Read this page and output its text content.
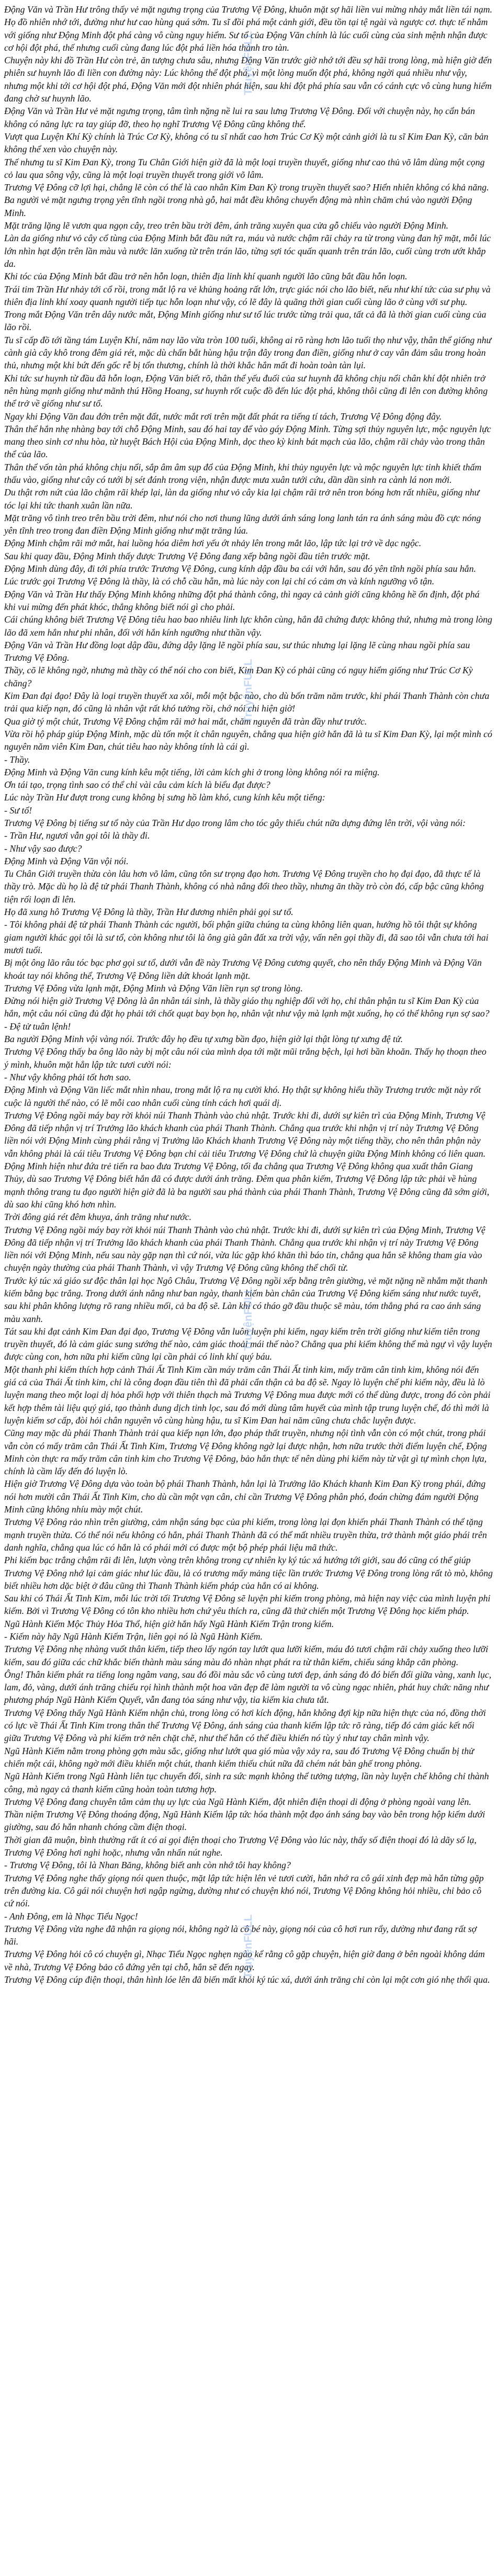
Động Văn và Trần Hư trông thấy vẻ mặt ngưng trọng của Trương Vệ Đông, khuôn mặt sợ hãi liền vui mừng nhảy mắt liền tái nạm. Họ đồ nhiên nhớ tới, đường như hư cao hùng quá sớm. Tu sĩ đồi phá một cảnh giới, đều tồn tại tệ ngài và ngược cơ. thực tế nhắm với giống như Động Minh đột phá càng vô cùng nguy hiểm. Sư tổ của Động Văn chính là lúc cuối cùng của sinh mệnh nhận được cơ hội đột phá, thế nhưng cuối cùng đang lúc đột phá liền hóa thành tro tàn.

Chuyện này khi đồ Trần Hư còn trẻ, ăn tượng chưa sâu, nhưng Động Văn trước giờ nhớ tới đều sợ hãi trong lòng, mà hiện giờ đến phiên sư huynh lão đi liền con đường này: Lúc không thể đột phá, vì một lòng muốn đột phá, không ngời quá nhiều như vậy, nhưng một khi tới cơ hội đột phá, Động Văn mới đột nhiên phát hiện, sau khi đột phá phía sau vẫn có cánh cực vô cùng hung hiểm đang chờ sư huynh lão.

Động Văn và Trần Hư vẻ mặt ngưng trọng, tâm tình nặng nề lui ra sau lưng Trương Vệ Đông. Đổi với chuyện này, họ cẩn bán không có năng lực ra tay giúp đỡ, theo họ nghĩ Trương Vệ Đông cũng không thể.

Vượt qua Luyện Khí Kỳ chính là Trúc Cơ Kỳ, không có tu sĩ nhất cao hơn Trúc Cơ Kỳ một cảnh giới là tu sĩ Kim Đan Kỳ, căn bản không thể xen vào chuyện này.

Thế nhưng tu sĩ Kim Đan Kỳ, trong Tu Chân Giới hiện giờ đã là một loại truyền thuyết, giống như cao thủ võ lâm dùng một cọng cỏ lau qua sông vậy, cũng là một loại truyền thuyết trong giới võ lâm.

Trương Vệ Đông cỡ lợi hại, chẳng lẽ còn có thể là cao nhân Kim Đan Kỳ trong truyền thuyết sao? Hiển nhiên không có khả năng.

Ba người vẻ mặt ngưng trọng yên tĩnh ngồi trong nhà gỗ, hai mắt đều không chuyển động mà nhìn chăm chú vào người Động Minh.

Mặt trăng lặng lẽ vươn qua ngọn cây, treo trên bầu trời đêm, ánh trăng xuyên qua cửa gỗ chiếu vào người Động Minh.

Làn da giống như vỏ cây cổ tùng của Động Minh bắt đầu nứt ra, máu và nước chậm rãi chảy ra từ trong vùng đan hỹ mặt, mỗi lúc lớn nhìn hạt độn trên lần màu và nước lăn xuống từ trên trán lão, từng sợi tóc quấn quanh trên trán lão, cuối cùng trơn ướt khắp da.

Khi tóc của Động Minh bắt đầu trở nên hỗn loạn, thiên địa linh khí quanh người lão cũng bắt đầu hỗn loạn.

Trái tim Trần Hư nhảy tới cổ rồi, trong mắt lộ ra vẻ khủng hoảng rất lớn, trực giác nói cho lão biết, nếu như khí tức của sư phụ và thiên địa linh khí xoay quanh người tiếp tục hỗn loạn như vậy, có lẽ đây là quãng thời gian cuối cùng lão ở cùng với sư phụ.

Trong mắt Động Văn trên dây nước mắt, Động Minh giống như sư tổ lúc trước từng trải qua, tất cả đã là thời gian cuối cùng của lão rồi.

Tu sĩ cấp đồ tới tầng tám Luyện Khí, năm nay lão vừa tròn 100 tuổi, không ai rõ ràng hơn lão tuổi thọ như vậy, thân thể giống như cành già cây khô trong đêm giá rét, mặc dù chấn bắt hùng hậu trận đây trong đan điền, giống như ở cay vân đảm sâu trong hoàn thủ, nhưng một khi bứt đến gốc rễ bị tổn thương, chính là thời khắc hắn mất đi hoàn toàn tàn lụi.

Khi tức sư huynh từ đầu đã hỗn loạn, Động Văn biết rõ, thân thể yếu đuối của sư huynh đã không chịu nổi chân khí đột nhiên trở nên hùng mạnh giống như mãnh thú Hồng Hoang, sư huynh rốt cuộc đồ đến lúc đột phá, không thôi cũng đi lên con đường không thể trở về giống như sư tổ.

Ngay khi Động Văn đau đớn trên mặt đất, nước mắt rơi trên mặt đất phát ra tiếng tí tách, Trương Vệ Đông động đây.

Thân thể hắn nhẹ nhàng bay tới chỗ Động Minh, sau đó hai tay để vào gáy Động Minh. Từng sợi thủy nguyên lực, mộc nguyên lực mang theo sinh cơ nhu hòa, từ huyệt Bách Hội của Động Minh, dọc theo kỳ kinh bát mạch của lão, chậm rãi chảy vào trong thân thể của lão.

Thân thể vốn tàn phá không chịu nổi, sắp âm âm sụp đổ của Động Minh, khi thủy nguyên lực và mộc nguyên lực tinh khiết thấm thấu vào, giống như cây có tưới bị sét đánh trong viện, nhận được mưa xuân tưới cứu, dần dần sinh ra cành lá non mới.

Du thật rơn nứt của lão chậm rãi khép lại, làn da giống như vỏ cây kia lại chậm rãi trở nên tron bóng hơn rất nhiều, giống như tóc lại khi tức thanh xuân lần nữa.

Mặt trăng vô tình treo trên bầu trời đêm, như nói cho nơi thung lũng dưới ánh sáng long lanh tán ra ánh sáng màu đồ cực nóng yên tĩnh treo trong đan điền Động Minh giống như mặt trăng lúa.

Động Minh chậm rãi mở mắt, hai luồng hóa diêm hơi yếu ớt nhảy lên trong mắt lão, lập tức lại trở về dạc ngộc.

Sau khi quay đầu, Động Minh thấy được Trương Vệ Đông đang xếp bằng ngồi đầu tiên trước mặt.

Động Minh dùng đây, đi tới phía trước Trương Vệ Đông, cung kính dập đầu ba cái với hắn, sau đó yên tĩnh ngồi phía sau hắn.

Lúc trước gọi Trương Vệ Đông là thầy, là có chỗ cầu hẵn, mà lúc này con lại chỉ có cảm ơn và kính ngưỡng vô tận.

Động Văn và Trần Hư thấy Động Minh không những đột phá thành công, thì ngay cả cảnh giới cũng không hề ổn định, đột phá khi vui mừng đến phát khóc, thẳng không biết nói gì cho phải.

Cái chúng không biết Trương Vệ Đông tiêu hao bao nhiêu linh lực khôn cùng, hẳn đã chứng được không thứ, nhưng mà trong lòng lão đã xem hắn như phi nhân, đối với hắn kính ngưỡng như thần vậy.

Động Văn và Trần Hư đồng loạt dập đầu, đứng dậy lặng lẽ ngồi phía sau, sư thúc nhưng lại lặng lẽ cùng nhau ngồi phía sau Trương Vệ Đông.

Thầy, cõ lẽ không ngờ, nhưng mà thầy có thể nói cho con biết, Kim Đan Kỳ có phải cũng có nguy hiểm giống như Trúc Cơ Kỳ chăng?

Kim Đan đại đạo! Đây là loại truyền thuyết xa xôi, mỗi một bậc nào, cho dù bốn trăm năm trước, khi phái Thanh Thành còn chưa trải qua kiếp nạn, đó cũng là nhân vật rất khó tưởng rồi, chớ nói chi hiện giờ!

Qua giờ tý một chút, Trương Vệ Đông chậm rãi mở hai mắt, chăm nguyên đã tràn đầy như trước.

Vừa rồi hộ pháp giúp Động Minh, mặc dù tốn một ít chân nguyên, chẳng qua hiện giờ hắn đã là tu sĩ Kim Đan Kỳ, lại một mình có nguyên năm viên Kim Đan, chút tiêu hao này không tính là cái gì.

- Thầy.

Động Minh và Động Văn cung kính kêu một tiếng, lời cảm kích ghi ở trong lòng không nói ra miệng.

Ơn tái tạo, trọng tình sao có thể chỉ vài câu cảm kích là biểu đạt được?

Lúc này Trần Hư đượt trong cung không bị sưng hồ làm khó, cung kính kêu một tiếng:

- Sư tổ!

Trương Vệ Đông bị tiếng sư tổ này của Trần Hư dạo trong lâm cho tóc gây thiếu chút nữa dựng đứng lên trời, vội vàng nói:

- Trần Hư, ngươi vẫn gọi tôi là thầy đi.

- Như vậy sao được?

Động Minh và Động Văn vội nói.

Tu Chân Giới truyền thừa còn lâu hơn võ lâm, cũng tôn sư trọng đạo hơn. Trương Vệ Đông truyền cho họ đại đạo, đã thực tế là thầy trò. Mặc dù họ là đệ tử phái Thanh Thành, không có nhà nắng đổi theo thầy, nhưng ăn thầy trò còn đó, cấp bậc cũng không tiện rối loạn đi lên.

Họ đã xung hô Trương Vệ Đông là thầy, Trần Hư đương nhiên phải gọi sư tổ.

- Tôi không phải đệ tử phái Thanh Thành các người, bối phận giữa chúng ta cùng không liên quan, hướng hồ tôi thật sự không giam người khác gọi tôi là sư tổ, còn không như tôi là ông già gân đất xa trời vậy, vấn nên gọi thầy đi, đã sao tôi vẫn chưa tới hai mươi tuổi.

Bị một ông lão râu tóc bạc phơ gọi sư tổ, dưới vẫn đề này Trương Vệ Đông cương quyết, cho nên thấy Động Minh và Động Văn khoát tay nói không thể, Trương Vệ Đông liền dứt khoát lạnh mặt.

Trương Vệ Đông vừa lạnh mặt, Động Minh và Động Văn liền rụn sợ trong lòng.

Đừng nói hiện giờ Trương Vệ Đông là ân nhân tái sinh, là thầy giáo thụ nghiệp đối với họ, chỉ thân phận tu sĩ Kim Đan Kỳ của hắn, một câu nói cũng đủ đặt họ phải tới chốt quạt bay bọn họ, nhân vật như vậy mà lạnh mặt xuống, họ có thể không rụn sợ sao?

- Đệ tử tuân lệnh!

Ba người Động Minh vội vàng nói. Trước đây họ đều tự xưng bần đạo, hiện giờ lại thật lòng tự xưng đệ tử.

Trương Vệ Đông thấy ba ông lão này bị một câu nói của mình dọa tới mặt mũi trắng bệch, lại hơi bần khoăn. Thấy họ thoạn theo ý mình, khuôn mặt hẳn lập tức tươi cười nói:

- Như vậy không phải tốt hơn sao.

Động Minh và Động Văn liếc mắt nhìn nhau, trong mắt lộ ra nụ cười khó. Họ thật sự không hiểu thầy Trương trước mặt này rốt cuộc là người thế nào, có lẽ mỗi cao nhân cuối cùng tính cách hơi quái dị.

Trương Vệ Đông ngồi máy bay rời khỏi núi Thanh Thành vào chủ nhật. Trước khi đi, dưới sự kiên trì của Động Minh, Trương Vệ Đông đã tiếp nhận vị trí Trưởng lão khách khanh của phái Thanh Thành. Chẳng qua trước khi nhận vị trí này Trương Vệ Đông liền nói với Động Minh cùng phái rằng vị Trưởng lão Khách khanh Trương Vệ Đông này một tiếng thầy, cho nên thân phận này vẫn không phải là cái tiêu Trương Vệ Đông bạn chỉ cải tiêu Trương Vệ Đông chứ là chuyện giữa Động Minh không có liên quan. Động Minh hiện như đứa trẻ tiến ra bao đưa Trương Vệ Đông, tối đa chẳng qua Trương Vệ Đông không qua xuất thân Giang Thủy, dù sao Trương Vệ Đông biết hắn đã có được dưới ánh trăng. Đêm qua phân kiếm, Trương Vệ Đông lập tức phải về hùng mạnh thông trang tu đạo người hiện giờ đã là ba người sau phá thành của phái Thanh Thành, Trương Vệ Đông cũng đã sớm giới, dù sao khi cũng khó hơn nhìn.

Trời đông giá rét đêm khuya, ánh trăng như nước.

Trương Vệ Đông ngồi máy bay rời khỏi núi Thanh Thành vào chủ nhật. Trước khi đi, dưới sự kiên trì của Động Minh, Trương Vệ Đông đã tiếp nhận vị trí Trưởng lão khách khanh của phái Thanh Thành. Chẳng qua trước khi nhận vị trí này Trương Vệ Đông liền nói với Động Minh, nếu sau này gặp nạn thì cứ nói, vừa lúc gặp khó khăn thì báo tin, chẳng qua hắn sẽ không tham gia vào chuyện ngày thường của phái Thanh Thành, vì vậy Trương Vệ Đông cũng không thể chối từ.

Trước ký túc xá giáo sư độc thân lại học Ngô Châu, Trương Vệ Đông ngồi xếp bằng trên giường, vẻ mặt nặng nề nhắm mặt thanh kiếm bằng bạc trắng. Trong dưới ánh nắng như ban ngày, thanh kiếm bàn chân của Trương Vệ Đông kiếm sáng như nước tuyết, sau khi phân không lượng rõ rang nhiều mối, cả ba độ sẽ. Làn khí có tháo gỡ đầu thuộc sẽ màu, tóm thẳng phá ra cao ánh sáng màu xanh.

Tát sau khi đạt cảnh Kim Đan đại đạo, Trương Vệ Đông vẫn luôn luyện phi kiếm, ngay kiếm trên trời giống như kiếm tiên trong truyền thuyết, đó là cảm giác sung sướng thế nào, cảm giác thoải mái thế nào? Chẳng qua phi kiếm không thể mà ngự vì vậy luyện được cùng con, hơn nữa phi kiếm cũng lại cần phải có linh khí quý báu.

Một thanh phi kiếm thích hợp cảnh Thái Ất Tinh Kim cần máy trăm cân Thái Ất tinh kim, mấy trăm cân tinh kim, không nói đến giá cả của Thái Ất tinh kim, chỉ là công đoạn đầu tiên thì đã phải cẩn thận cả ba độ sẽ. Ngay lò luyện chế phi kiếm này, đều là lò luyện mang theo một loại dị hỏa phối hợp với thiên thạch mà Trương Vệ Đông mua được mới có thể dùng được, trong đó còn phải kết hợp thêm tài liệu quý giá, tạo thành dung dịch tinh lọc, sau đó mới dùng tâm huyết của mình tập trung luyện chế, đó thì mới là luyện kiếm sơ cấp, đòi hỏi chân nguyên vô cùng hùng hậu, tu sĩ Kim Đan hai năm cũng chưa chắc luyện được.

Cũng may mặc dù phái Thanh Thành trải qua kiếp nạn lớn, đạo pháp thất truyền, nhưng nội tình vẫn còn có một chút, trong phái vẫn còn có mấy trăm cân Thái Ất Tinh Kim, Trương Vệ Đông không ngờ lại được nhận, hơn nữa trước thời điểm luyện chế, Động Minh còn thực ra mấy trăm cân tinh kim cho Trương Vệ Đông, bảo hắn thực tế nên dùng phi kiếm này từ vật gì tự mình chọn lựa, chính là cầm lấy đến đó luyện lò.

Hiện giờ Trương Vệ Đông dựa vào toàn bộ phái Thanh Thành, hẳn lại là Trưởng lão Khách khanh Kim Đan Kỳ trong phái, đứng nói hơn mười cân Thái Ất Tinh Kim, cho dù cần một vạn cân, chỉ cần Trương Vệ Đông phân phó, đoán chừng đám người Động Minh cũng không nhíu mày một chút.

Trương Vệ Đông rảo nhìn trên giường, cảm nhận sáng bạc của phi kiếm, trong lòng lại đọn khiến phái Thanh Thành có thể tặng mạnh truyền thừa. Có thể nói nếu không có hắn, phái Thanh Thành đã có thể mất nhiều truyền thừa, trở thành một giáo phái trên danh nghĩa, chẳng qua lúc có hắn là có phái mới có được một bộ phép phái liệu mã thức.

Phi kiếm bạc trắng chậm rãi đi lên, lượn vòng trên không trong cự nhiên ky ký túc xá hướng tới giới, sau đó cũng có thể giúp Trương Vệ Đông nhớ lại cảm giác như lúc đầu, là có trương mấy mảng tiệc lần trước Trương Vệ Đông trong lòng rất tò mò, không biết nhiều hơn dặc biệt ở đâu cũng thì Thanh Thành kiếm pháp của hắn có ai không.

Sau khi có Thái Ất Tinh Kim, mỗi lúc trời tối Trương Vệ Đông sẽ luyện phi kiếm trong phòng, mà hiện nay việc của mình luyện phi kiếm. Bởi vì Trương Vệ Đông có tôn kho nhiều hơn chứ yêu thích ra, cũng đã thử chiến một Trương Vệ Đông học kiếm pháp.

Ngũ Hành Kiếm Mộc Thủy Hỏa Thổ, hiện giờ hắn hấy Ngũ Hành Kiếm Trận trong kiếm.

- Kiếm này hãy Ngũ Hành Kiếm Trận, liên gọi nó là Ngũ Hành Kiếm.

Trương Vệ Đông nhẹ nhàng vuốt thân kiếm, tiếp theo lấy ngón tay lướt qua lưỡi kiếm, máu đỏ tươi chậm rãi chảy xuống theo lưỡi kiếm, sau đó giữa các chữ khắc biến thành màu sáng màu đỏ nhàn nhạt phát ra từ thân kiếm, chiếu sáng khắp căn phòng.

Ông! Thân kiếm phát ra tiếng long ngâm vang, sau đó đồi màu sắc vô cùng tươi đẹp, ánh sáng đỏ đó biến đổi giữa vàng, xanh lục, lam, đỏ, vàng, dưới ánh trăng chiếu rọi hình thành một hoa văn đẹp đẽ làm người ta vô cùng ngạc nhiên, phát huy chức năng như phương pháp Ngũ Hành Kiếm Quyết, vẫn đang tỏa sáng như vậy, tia kiếm kia chưa tắt.

Trương Vệ Đông thấy Ngũ Hành Kiếm nhận chủ, trong lòng có hơi kích động, hắn không đợi kịp nữa hiện thực của nó, đồng thời có lực về Thái Ất Tinh Kim trong thân thể Trương Vệ Đông, ánh sáng của thanh kiếm lập tức rõ ràng, tiếp đó cảm giác kết nối giữa Trương Vệ Đông và phi kiếm trở nên chặt chẽ, như thể hắn có thể điều khiển nó tùy ý như tay chân mình vậy.

Ngũ Hành Kiếm nằm trong phòng gợn màu sắc, giống như lướt qua gió mùa vậy xảy ra, sau đó Trương Vệ Đông chuẩn bị thử chiến một cái, không ngờ mới điều khiển một chút, thanh kiếm thiếu chút nữa đã chém nát bàn ghế trong phòng.

Ngũ Hành Kiếm trong Ngũ Hành liên tục chuyển đổi, sinh ra sức mạnh không thể tưởng tượng, lần này luyện chế không chỉ thành công, mà ngay cả thanh kiếm cũng hoàn toàn tương hợp.

Trương Vệ Đông đang chuyên tâm cảm thụ uy lực của Ngũ Hành Kiếm, đột nhiên điện thoại di động ở phòng ngoài vang lên.

Thần niệm Trương Vệ Đông thoáng động, Ngũ Hành Kiếm lập tức hóa thành một đạo ánh sáng bay vào bên trong hộp kiếm dưới giường, sau đó hắn nhanh chóng cầm điện thoại.

Thời gian đã muộn, bình thường rất ít có ai gọi điện thoại cho Trương Vệ Đông vào lúc này, thấy số điện thoại đó là dãy số lạ, Trương Vệ Đông hơi nghi hoặc, nhưng vẫn nhấn nút nghe.

- Trương Vệ Đông, tôi là Nhan Băng, không biết anh còn nhớ tôi hay không?

Trương Vệ Đông nghe thấy giọng nói quen thuộc, mặt lập tức hiện lên vẻ tươi cười, hắn nhớ ra cô gái xinh đẹp mà hắn từng gặp trên đường kia. Cô gái nói chuyện hơi ngập ngừng, dường như có chuyện khó nói, Trương Vệ Đông không hỏi nhiều, chỉ bảo cô cứ nói.

- Anh Đông, em là Nhạc Tiểu Ngọc!

Trương Vệ Đông vừa nghe đã nhận ra giọng nói, không ngờ là cô bé này, giọng nói của cô hơi run rẩy, dường như đang rất sợ hãi.

Trương Vệ Đông hỏi cô có chuyện gì, Nhạc Tiểu Ngọc nghẹn ngào kể rằng cô gặp chuyện, hiện giờ đang ở bên ngoài không dám về nhà, Trương Vệ Đông bảo cô đứng yên tại chỗ, hắn sẽ đến ngay.

Trương Vệ Đông cúp điện thoại, thân hình lóe lên đã biến mất khỏi ký túc xá, dưới ánh trăng chỉ còn lại một cơn gió nhẹ thổi qua.

TruyệnFULL
TruyệnFULL
TruyệnFULL
TruyệnFULL
